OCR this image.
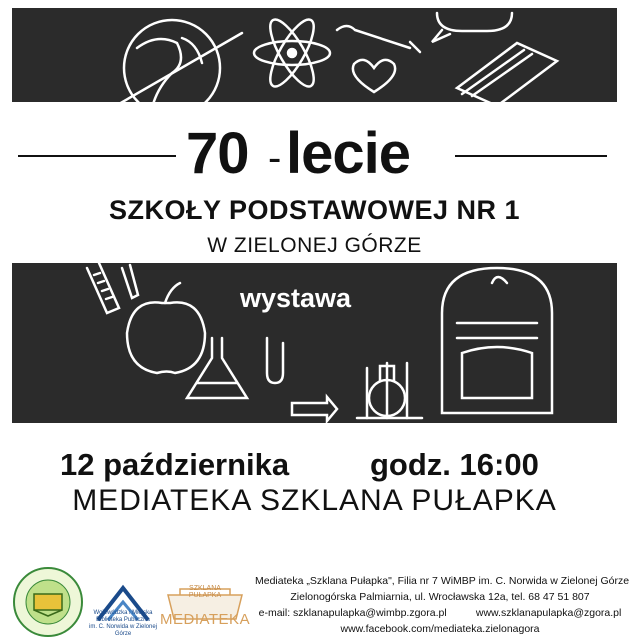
70 - lecie
SZKOŁY PODSTAWOWEJ NR 1
W ZIELONEJ GÓRZE
wystawa
12 października	godz. 16:00
MEDIATEKA SZKLANA PUŁAPKA
Wojewódzka i Miejska
Biblioteka Publiczna
im. C. Norwida w Zielonej Górze
SZKLANA PUŁAPKA
MEDIATEKA
Mediateka „Szklana Pułapka", Filia nr 7 WiMBP im. C. Norwida w Zielonej Górze
Zielonogórska Palmiarnia, ul. Wrocławska 12a, tel. 68 47 51 807
e-mail: szklanapulapka@wimbp.zgora.pl          www.szklanapulapka@zgora.pl
www.facebook.com/mediateka.zielonagora
